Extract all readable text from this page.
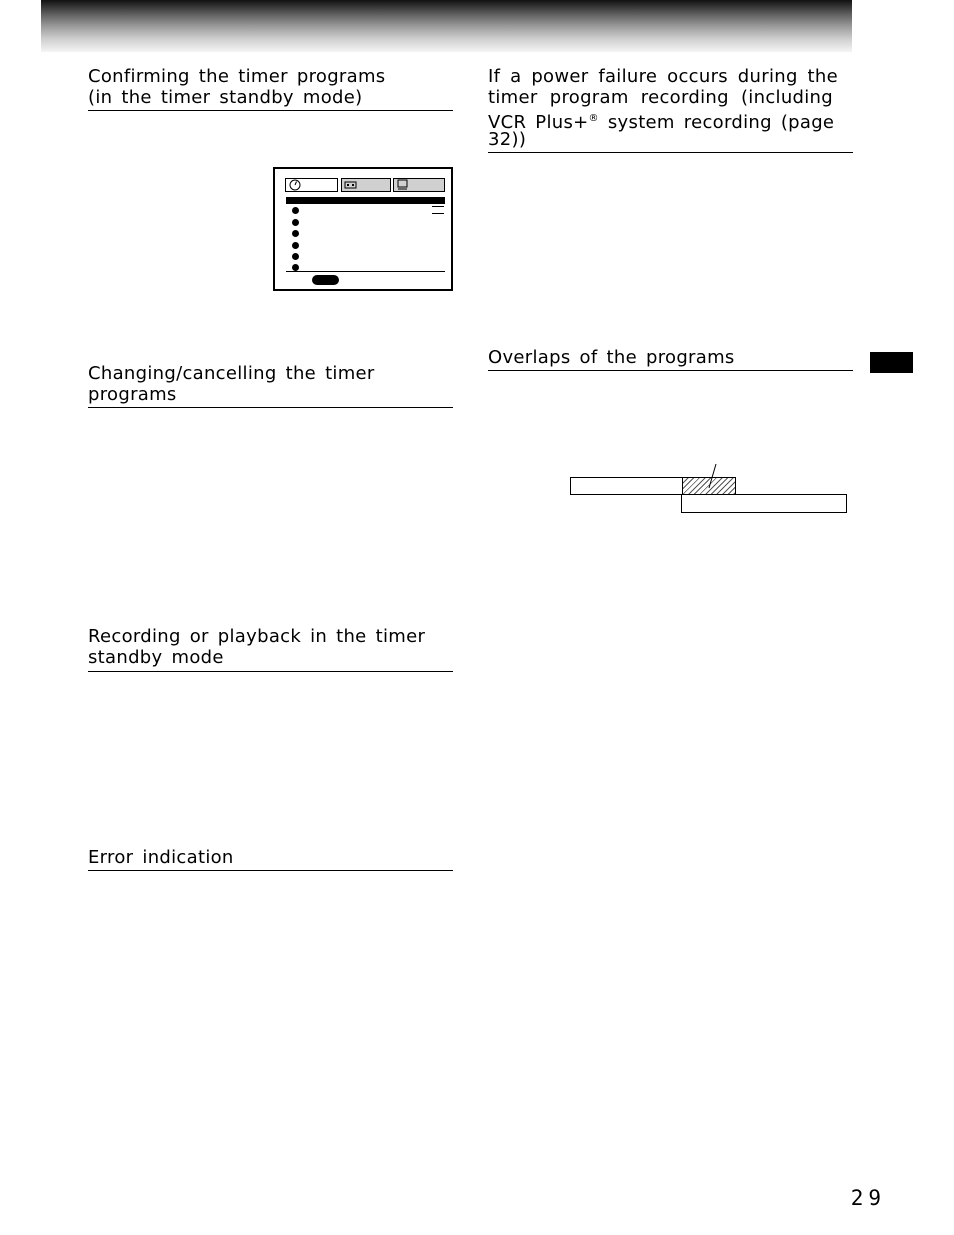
Confirming the timer programs
(in the timer standby mode)
Changing/cancelling the timer
programs
Recording or playback in the timer
standby mode
Error indication
If a power failure occurs during the
timer program recording (including
VCR Plus+® system recording (page
32))
Overlaps of the programs
29
